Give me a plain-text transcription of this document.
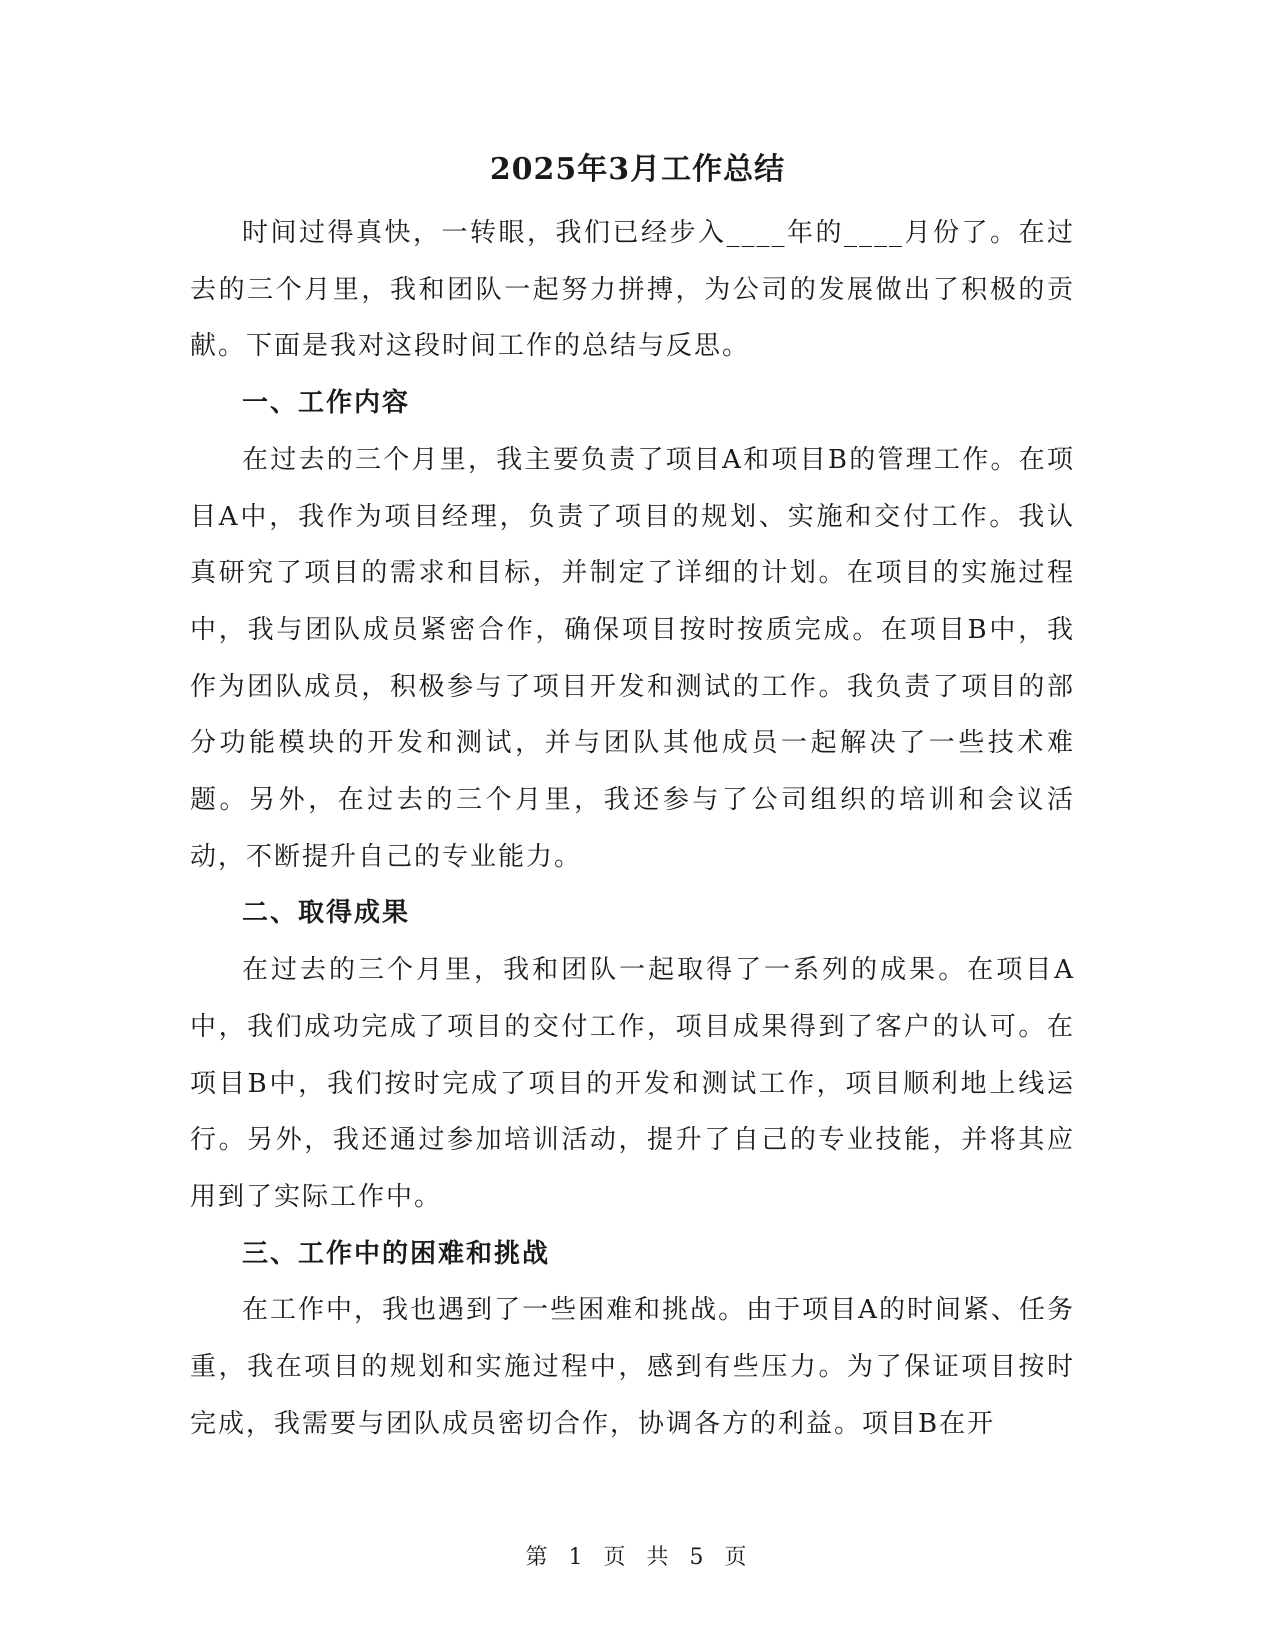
2025年3月工作总结

时间过得真快，一转眼，我们已经步入____年的____月份了。在过去的三个月里，我和团队一起努力拼搏，为公司的发展做出了积极的贡献。下面是我对这段时间工作的总结与反思。

一、工作内容

在过去的三个月里，我主要负责了项目A和项目B的管理工作。在项目A中，我作为项目经理，负责了项目的规划、实施和交付工作。我认真研究了项目的需求和目标，并制定了详细的计划。在项目的实施过程中，我与团队成员紧密合作，确保项目按时按质完成。在项目B中，我作为团队成员，积极参与了项目开发和测试的工作。我负责了项目的部分功能模块的开发和测试，并与团队其他成员一起解决了一些技术难题。另外，在过去的三个月里，我还参与了公司组织的培训和会议活动，不断提升自己的专业能力。

二、取得成果

在过去的三个月里，我和团队一起取得了一系列的成果。在项目A中，我们成功完成了项目的交付工作，项目成果得到了客户的认可。在项目B中，我们按时完成了项目的开发和测试工作，项目顺利地上线运行。另外，我还通过参加培训活动，提升了自己的专业技能，并将其应用到了实际工作中。

三、工作中的困难和挑战

在工作中，我也遇到了一些困难和挑战。由于项目A的时间紧、任务重，我在项目的规划和实施过程中，感到有些压力。为了保证项目按时完成，我需要与团队成员密切合作，协调各方的利益。项目B在开

第 1 页 共 5 页
